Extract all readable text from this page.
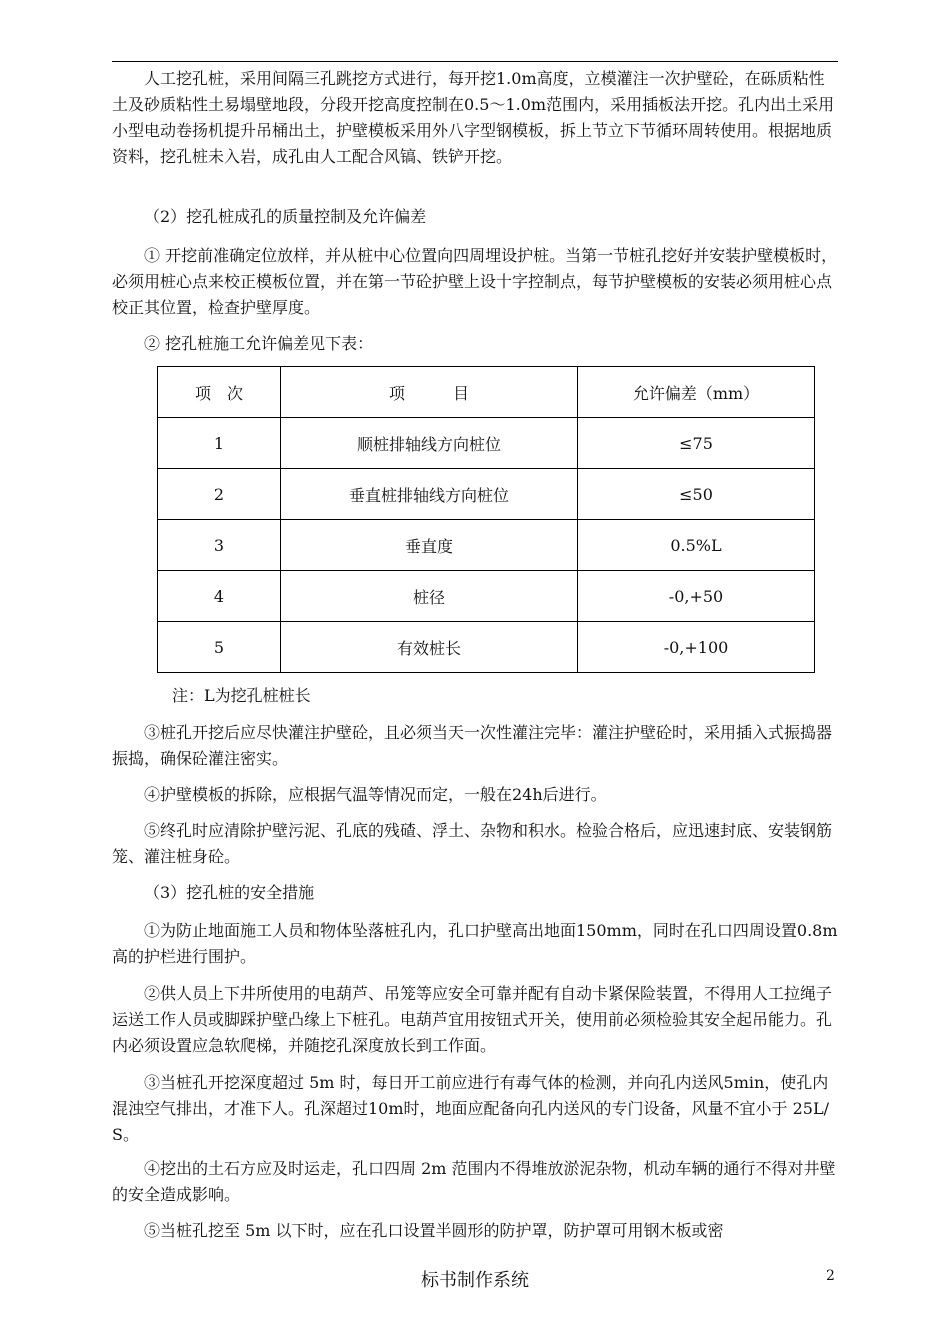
人工挖孔桩，采用间隔三孔跳挖方式进行，每开挖1.0m高度，立模灌注一次护壁砼，在砾质粘性土及砂质粘性土易塌壁地段，分段开挖高度控制在0.5～1.0m范围内，采用插板法开挖。孔内出土采用小型电动卷扬机提升吊桶出土，护壁模板采用外八字型钢模板，拆上节立下节循环周转使用。根据地质资料，挖孔桩未入岩，成孔由人工配合风镐、铁铲开挖。

（2）挖孔桩成孔的质量控制及允许偏差

① 开挖前准确定位放样，并从桩中心位置向四周埋设护桩。当第一节桩孔挖好并安装护壁模板时，必须用桩心点来校正模板位置，并在第一节砼护壁上设十字控制点，每节护壁模板的安装必须用桩心点校正其位置，检查护壁厚度。

② 挖孔桩施工允许偏差见下表：

项　次	项　　　目	允许偏差（mm）
1	顺桩排轴线方向桩位	≤75
2	垂直桩排轴线方向桩位	≤50
3	垂直度	0.5%L
4	桩径	-0,+50
5	有效桩长	-0,+100

注：L为挖孔桩桩长

③桩孔开挖后应尽快灌注护壁砼，且必须当天一次性灌注完毕：灌注护壁砼时，采用插入式振捣器振捣，确保砼灌注密实。

④护壁模板的拆除，应根据气温等情况而定，一般在24h后进行。

⑤终孔时应清除护壁污泥、孔底的残碴、浮土、杂物和积水。检验合格后，应迅速封底、安装钢筋笼、灌注桩身砼。

（3）挖孔桩的安全措施

①为防止地面施工人员和物体坠落桩孔内，孔口护壁高出地面150mm，同时在孔口四周设置0.8m高的护栏进行围护。

②供人员上下井所使用的电葫芦、吊笼等应安全可靠并配有自动卡紧保险装置，不得用人工拉绳子运送工作人员或脚踩护壁凸缘上下桩孔。电葫芦宜用按钮式开关，使用前必须检验其安全起吊能力。孔内必须设置应急软爬梯，并随挖孔深度放长到工作面。

③当桩孔开挖深度超过 5m 时，每日开工前应进行有毒气体的检测，并向孔内送风5min，使孔内混浊空气排出，才准下人。孔深超过10m时，地面应配备向孔内送风的专门设备，风量不宜小于 25L/S。

④挖出的土石方应及时运走，孔口四周 2m 范围内不得堆放淤泥杂物，机动车辆的通行不得对井壁的安全造成影响。

⑤当桩孔挖至 5m 以下时，应在孔口设置半圆形的防护罩，防护罩可用钢木板或密

标书制作系统	2
